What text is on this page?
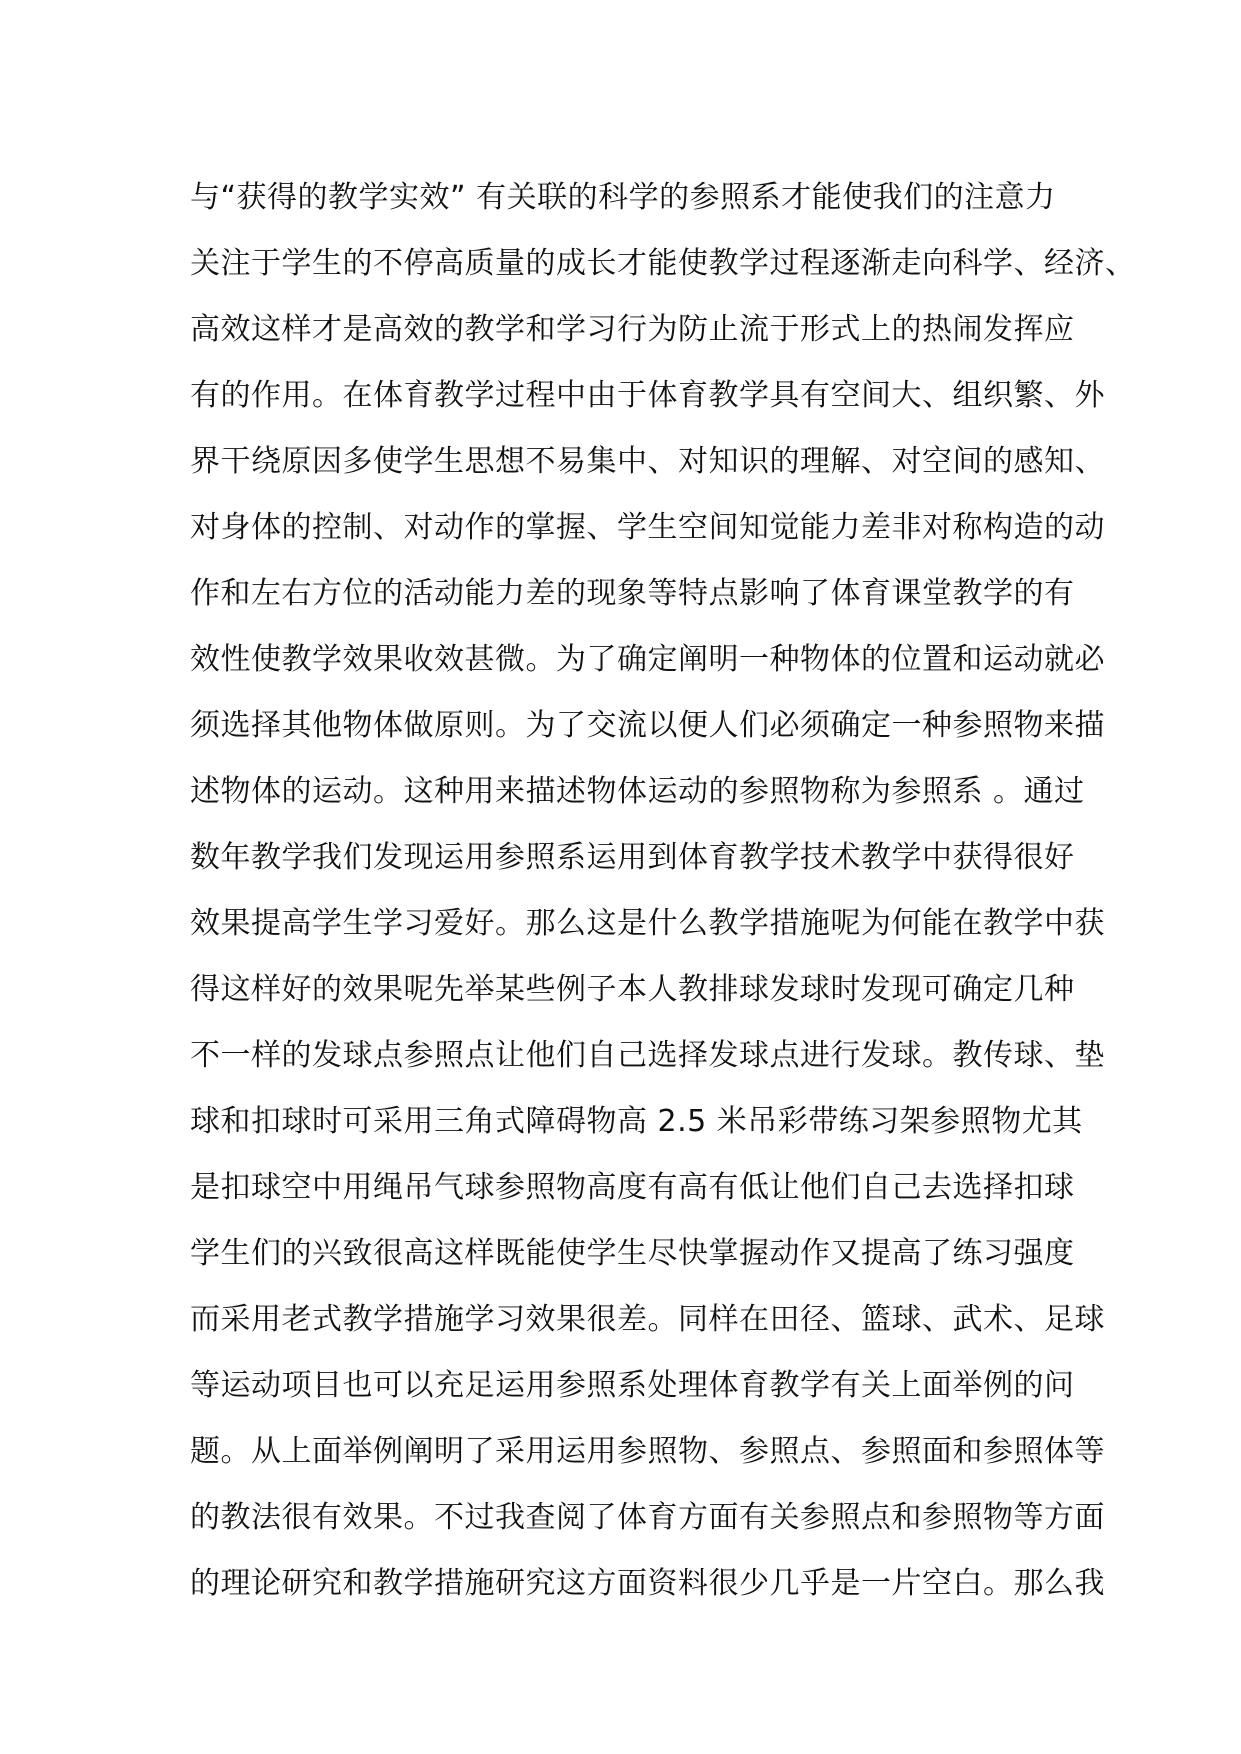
与“获得的教学实效” 有关联的科学的参照系才能使我们的注意力
关注于学生的不停高质量的成长才能使教学过程逐渐走向科学、经济、
高效这样才是高效的教学和学习行为防止流于形式上的热闹发挥应
有的作用。在体育教学过程中由于体育教学具有空间大、组织繁、外
界干绕原因多使学生思想不易集中、对知识的理解、对空间的感知、
对身体的控制、对动作的掌握、学生空间知觉能力差非对称构造的动
作和左右方位的活动能力差的现象等特点影响了体育课堂教学的有
效性使教学效果收效甚微。为了确定阐明一种物体的位置和运动就必
须选择其他物体做原则。为了交流以便人们必须确定一种参照物来描
述物体的运动。这种用来描述物体运动的参照物称为参照系 。通过
数年教学我们发现运用参照系运用到体育教学技术教学中获得很好
效果提高学生学习爱好。那么这是什么教学措施呢为何能在教学中获
得这样好的效果呢先举某些例子本人教排球发球时发现可确定几种
不一样的发球点参照点让他们自己选择发球点进行发球。教传球、垫
球和扣球时可采用三角式障碍物高 2.5 米吊彩带练习架参照物尤其
是扣球空中用绳吊气球参照物高度有高有低让他们自己去选择扣球
学生们的兴致很高这样既能使学生尽快掌握动作又提高了练习强度
而采用老式教学措施学习效果很差。同样在田径、篮球、武术、足球
等运动项目也可以充足运用参照系处理体育教学有关上面举例的问
题。从上面举例阐明了采用运用参照物、参照点、参照面和参照体等
的教法很有效果。不过我查阅了体育方面有关参照点和参照物等方面
的理论研究和教学措施研究这方面资料很少几乎是一片空白。那么我
